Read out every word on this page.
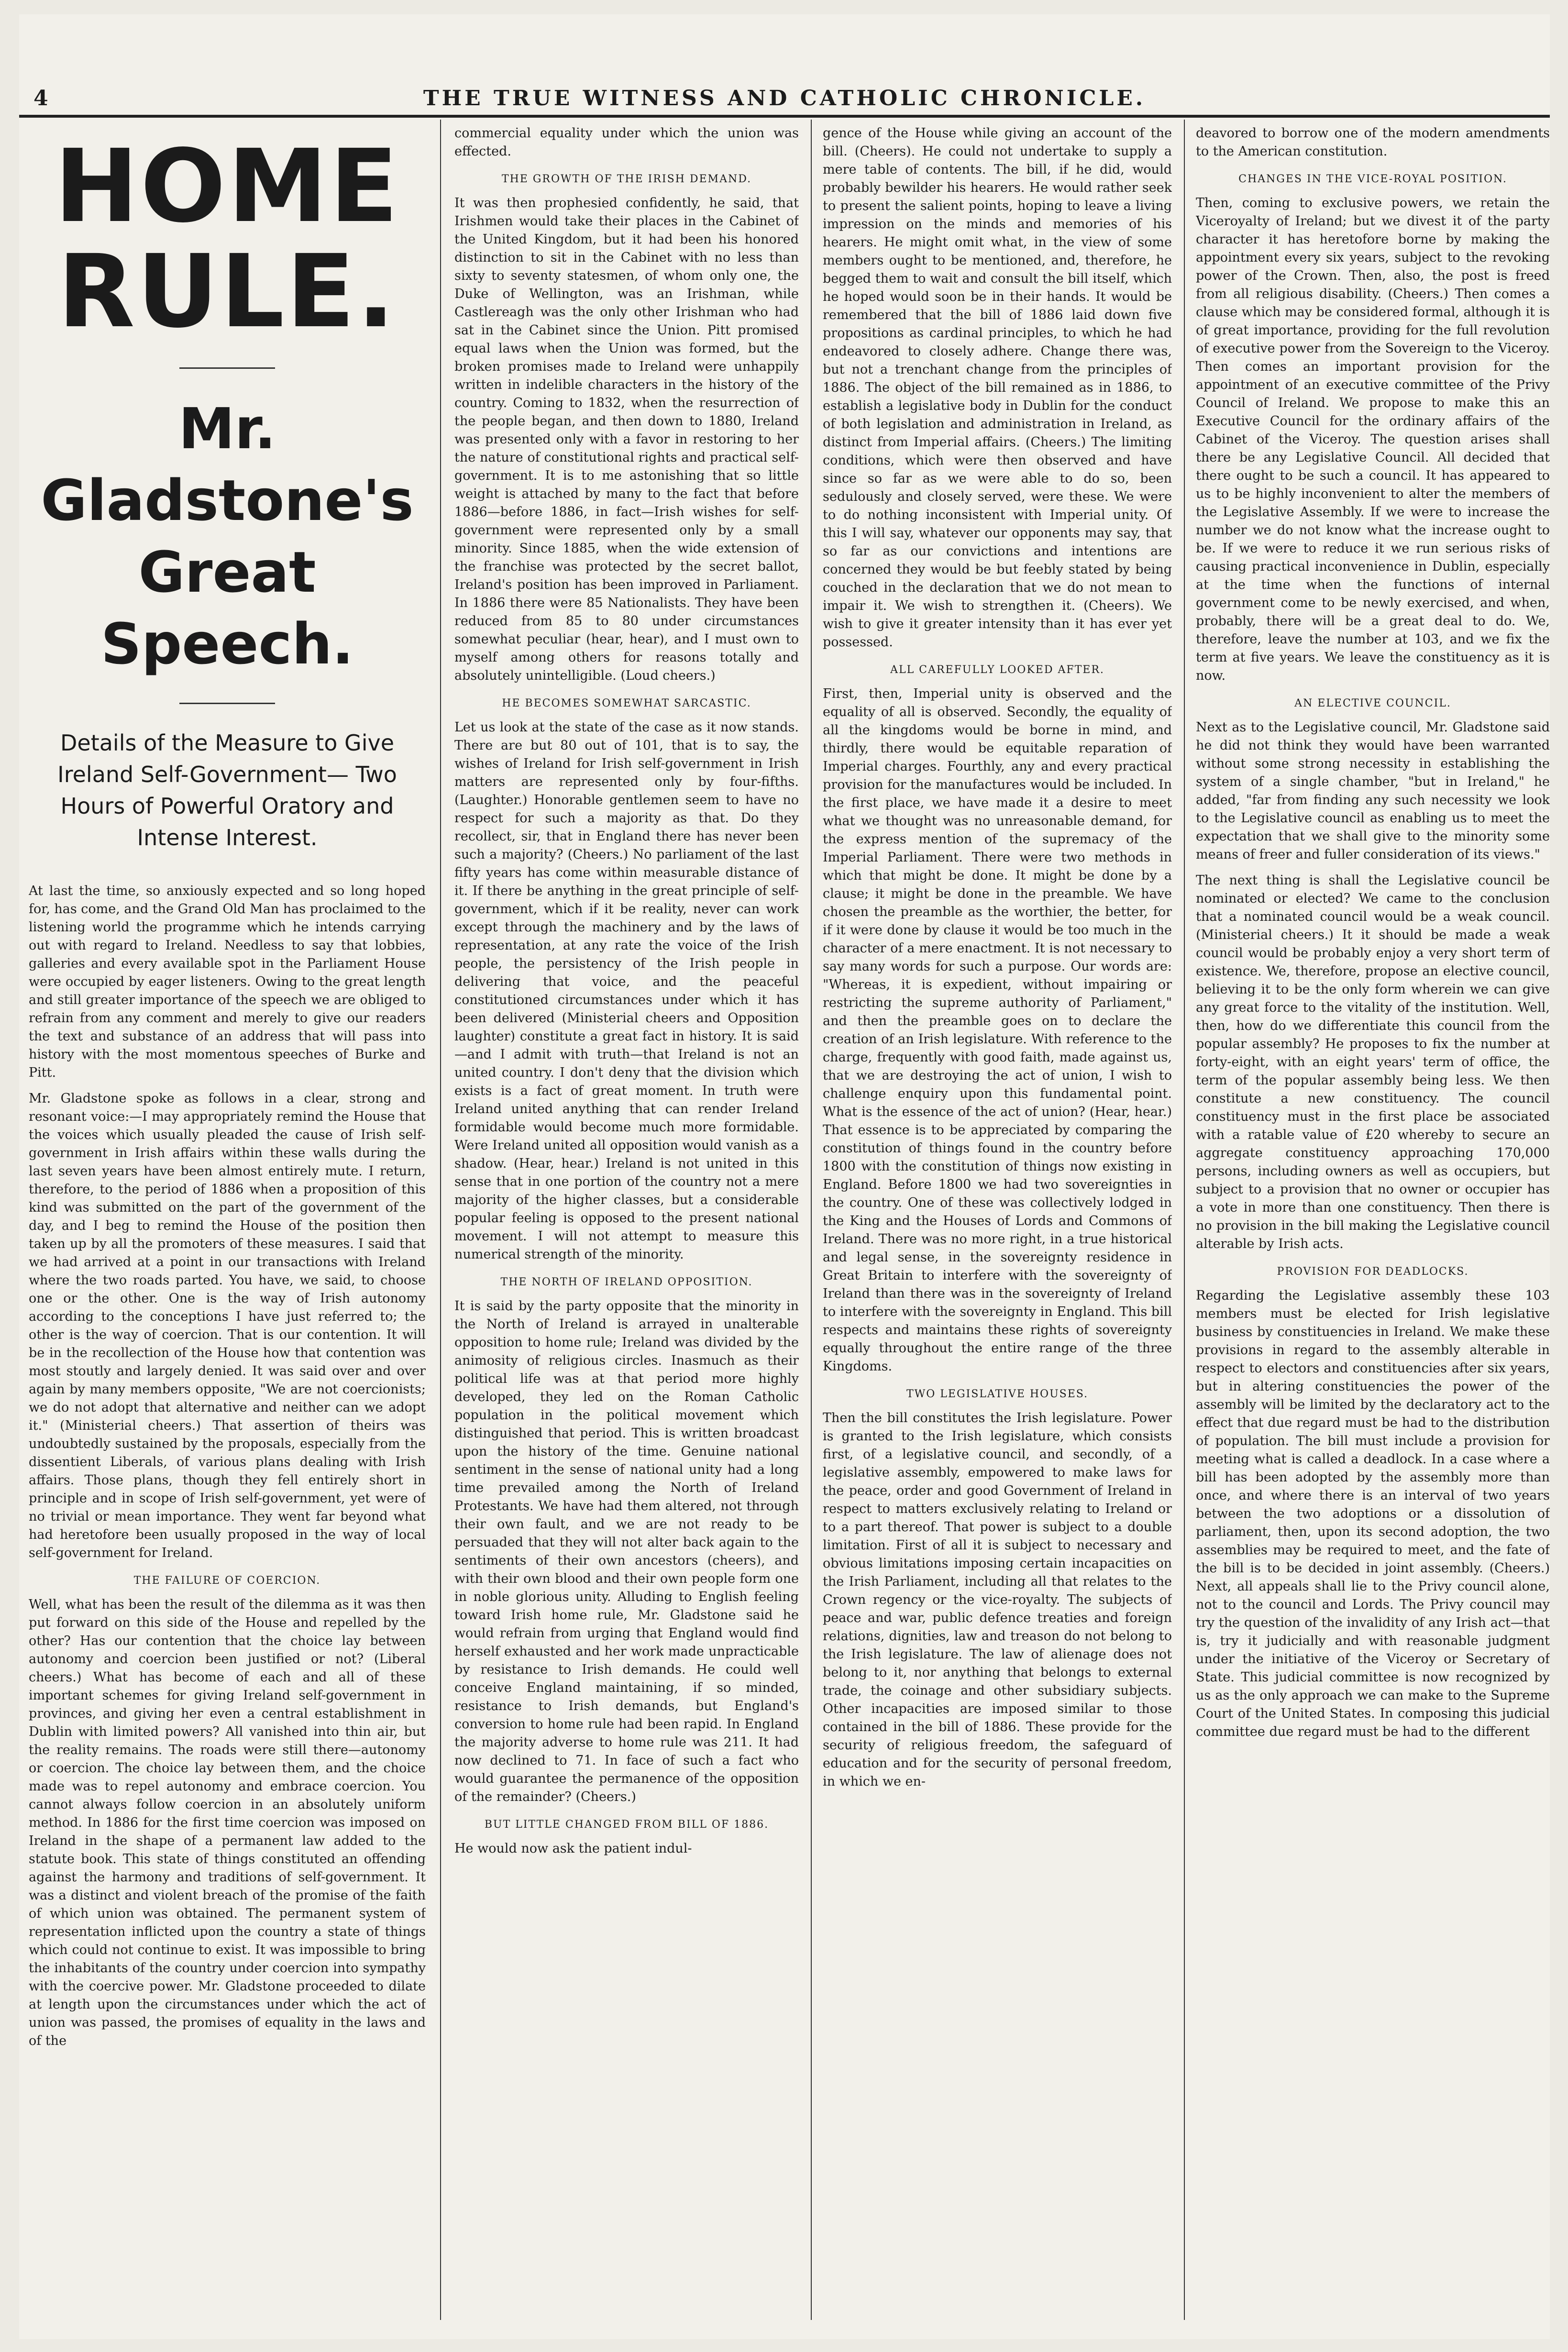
4	THE TRUE WITNESS AND CATHOLIC CHRONICLE.
HOME RULE.
Mr. Gladstone's Great Speech.
Details of the Measure to Give Ireland Self-Government— Two Hours of Powerful Oratory and Intense Interest.

At last the time, so anxiously expected and so long hoped for, has come, and the Grand Old Man has proclaimed to the listening world the programme which he intends carrying out with regard to Ireland. Needless to say that lobbies, galleries and every available spot in the Parliament House were occupied by eager listeners. Owing to the great length and still greater importance of the speech we are obliged to refrain from any comment and merely to give our readers the text and substance of an address that will pass into history with the most momentous speeches of Burke and Pitt.

Mr. Gladstone spoke as follows in a clear, strong and resonant voice:—I may appropriately remind the House that the voices which usually pleaded the cause of Irish self-government in Irish affairs within these walls during the last seven years have been almost entirely mute. I return, therefore, to the period of 1886 when a proposition of this kind was submitted on the part of the government of the day, and I beg to remind the House of the position then taken up by all the promoters of these measures. I said that we had arrived at a point in our transactions with Ireland where the two roads parted. You have, we said, to choose one or the other. One is the way of Irish autonomy according to the conceptions I have just referred to; the other is the way of coercion. That is our contention. It will be in the recollection of the House how that contention was most stoutly and largely denied. It was said over and over again by many members opposite, "We are not coercionists; we do not adopt that alternative and neither can we adopt it." (Ministerial cheers.) That assertion of theirs was undoubtedly sustained by the proposals, especially from the dissentient Liberals, of various plans dealing with Irish affairs. Those plans, though they fell entirely short in principle and in scope of Irish self-government, yet were of no trivial or mean importance. They went far beyond what had heretofore been usually proposed in the way of local self-government for Ireland.

THE FAILURE OF COERCION.

Well, what has been the result of the dilemma as it was then put forward on this side of the House and repelled by the other? Has our contention that the choice lay between autonomy and coercion been justified or not? (Liberal cheers.) What has become of each and all of these important schemes for giving Ireland self-government in provinces, and giving her even a central establishment in Dublin with limited powers? All vanished into thin air, but the reality remains. The roads were still there—autonomy or coercion. The choice lay between them, and the choice made was to repel autonomy and embrace coercion. You cannot always follow coercion in an absolutely uniform method. In 1886 for the first time coercion was imposed on Ireland in the shape of a permanent law added to the statute book. This state of things constituted an offending against the harmony and traditions of self-government. It was a distinct and violent breach of the promise of the faith of which union was obtained. The permanent system of representation inflicted upon the country a state of things which could not continue to exist. It was impossible to bring the inhabitants of the country under coercion into sympathy with the coercive power. Mr. Gladstone proceeded to dilate at length upon the circumstances under which the act of union was passed, the promises of equality in the laws and of the

commercial equality under which the union was effected.

THE GROWTH OF THE IRISH DEMAND.

It was then prophesied confidently, he said, that Irishmen would take their places in the Cabinet of the United Kingdom, but it had been his honored distinction to sit in the Cabinet with no less than sixty to seventy statesmen, of whom only one, the Duke of Wellington, was an Irishman, while Castlereagh was the only other Irishman who had sat in the Cabinet since the Union. Pitt promised equal laws when the Union was formed, but the broken promises made to Ireland were unhappily written in indelible characters in the history of the country. Coming to 1832, when the resurrection of the people began, and then down to 1880, Ireland was presented only with a favor in restoring to her the nature of constitutional rights and practical self-government. It is to me astonishing that so little weight is attached by many to the fact that before 1886—before 1886, in fact—Irish wishes for self-government were represented only by a small minority. Since 1885, when the wide extension of the franchise was protected by the secret ballot, Ireland's position has been improved in Parliament. In 1886 there were 85 Nationalists. They have been reduced from 85 to 80 under circumstances somewhat peculiar (hear, hear), and I must own to myself among others for reasons totally and absolutely unintelligible. (Loud cheers.)

HE BECOMES SOMEWHAT SARCASTIC.

Let us look at the state of the case as it now stands. There are but 80 out of 101, that is to say, the wishes of Ireland for Irish self-government in Irish matters are represented only by four-fifths. (Laughter.) Honorable gentlemen seem to have no respect for such a majority as that. Do they recollect, sir, that in England there has never been such a majority? (Cheers.) No parliament of the last fifty years has come within measurable distance of it. If there be anything in the great principle of self-government, which if it be reality, never can work except through the machinery and by the laws of representation, at any rate the voice of the Irish people, the persistency of the Irish people in delivering that voice, and the peaceful constitutioned circumstances under which it has been delivered (Ministerial cheers and Opposition laughter) constitute a great fact in history. It is said—and I admit with truth—that Ireland is not an united country. I don't deny that the division which exists is a fact of great moment. In truth were Ireland united anything that can render Ireland formidable would become much more formidable. Were Ireland united all opposition would vanish as a shadow. (Hear, hear.) Ireland is not united in this sense that in one portion of the country not a mere majority of the higher classes, but a considerable popular feeling is opposed to the present national movement. I will not attempt to measure this numerical strength of the minority.

THE NORTH OF IRELAND OPPOSITION.

It is said by the party opposite that the minority in the North of Ireland is arrayed in unalterable opposition to home rule; Ireland was divided by the animosity of religious circles. Inasmuch as their political life was at that period more highly developed, they led on the Roman Catholic population in the political movement which distinguished that period. This is written broadcast upon the history of the time. Genuine national sentiment in the sense of national unity had a long time prevailed among the North of Ireland Protestants. We have had them altered, not through their own fault, and we are not ready to be persuaded that they will not alter back again to the sentiments of their own ancestors (cheers), and with their own blood and their own people form one in noble glorious unity. Alluding to English feeling toward Irish home rule, Mr. Gladstone said he would refrain from urging that England would find herself exhausted and her work made unpracticable by resistance to Irish demands. He could well conceive England maintaining, if so minded, resistance to Irish demands, but England's conversion to home rule had been rapid. In England the majority adverse to home rule was 211. It had now declined to 71. In face of such a fact who would guarantee the permanence of the opposition of the remainder? (Cheers.)

BUT LITTLE CHANGED FROM BILL OF 1886.

He would now ask the patient indul-

gence of the House while giving an account of the bill. (Cheers). He could not undertake to supply a mere table of contents. The bill, if he did, would probably bewilder his hearers. He would rather seek to present the salient points, hoping to leave a living impression on the minds and memories of his hearers. He might omit what, in the view of some members ought to be mentioned, and, therefore, he begged them to wait and consult the bill itself, which he hoped would soon be in their hands. It would be remembered that the bill of 1886 laid down five propositions as cardinal principles, to which he had endeavored to closely adhere. Change there was, but not a trenchant change from the principles of 1886. The object of the bill remained as in 1886, to establish a legislative body in Dublin for the conduct of both legislation and administration in Ireland, as distinct from Imperial affairs. (Cheers.) The limiting conditions, which were then observed and have since so far as we were able to do so, been sedulously and closely served, were these. We were to do nothing inconsistent with Imperial unity. Of this I will say, whatever our opponents may say, that so far as our convictions and intentions are concerned they would be but feebly stated by being couched in the declaration that we do not mean to impair it. We wish to strengthen it. (Cheers). We wish to give it greater intensity than it has ever yet possessed.

ALL CAREFULLY LOOKED AFTER.

First, then, Imperial unity is observed and the equality of all is observed. Secondly, the equality of all the kingdoms would be borne in mind, and thirdly, there would be equitable reparation of Imperial charges. Fourthly, any and every practical provision for the manufactures would be included. In the first place, we have made it a desire to meet what we thought was no unreasonable demand, for the express mention of the supremacy of the Imperial Parliament. There were two methods in which that might be done. It might be done by a clause; it might be done in the preamble. We have chosen the preamble as the worthier, the better, for if it were done by clause it would be too much in the character of a mere enactment. It is not necessary to say many words for such a purpose. Our words are: "Whereas, it is expedient, without impairing or restricting the supreme authority of Parliament," and then the preamble goes on to declare the creation of an Irish legislature. With reference to the charge, frequently with good faith, made against us, that we are destroying the act of union, I wish to challenge enquiry upon this fundamental point. What is the essence of the act of union? (Hear, hear.) That essence is to be appreciated by comparing the constitution of things found in the country before 1800 with the constitution of things now existing in England. Before 1800 we had two sovereignties in the country. One of these was collectively lodged in the King and the Houses of Lords and Commons of Ireland. There was no more right, in a true historical and legal sense, in the sovereignty residence in Great Britain to interfere with the sovereignty of Ireland than there was in the sovereignty of Ireland to interfere with the sovereignty in England. This bill respects and maintains these rights of sovereignty equally throughout the entire range of the three Kingdoms.

TWO LEGISLATIVE HOUSES.

Then the bill constitutes the Irish legislature. Power is granted to the Irish legislature, which consists first, of a legislative council, and secondly, of a legislative assembly, empowered to make laws for the peace, order and good Government of Ireland in respect to matters exclusively relating to Ireland or to a part thereof. That power is subject to a double limitation. First of all it is subject to necessary and obvious limitations imposing certain incapacities on the Irish Parliament, including all that relates to the Crown regency or the vice-royalty. The subjects of peace and war, public defence treaties and foreign relations, dignities, law and treason do not belong to the Irish legislature. The law of alienage does not belong to it, nor anything that belongs to external trade, the coinage and other subsidiary subjects. Other incapacities are imposed similar to those contained in the bill of 1886. These provide for the security of religious freedom, the safeguard of education and for the security of personal freedom, in which we en-

deavored to borrow one of the modern amendments to the American constitution.

CHANGES IN THE VICE-ROYAL POSITION.

Then, coming to exclusive powers, we retain the Viceroyalty of Ireland; but we divest it of the party character it has heretofore borne by making the appointment every six years, subject to the revoking power of the Crown. Then, also, the post is freed from all religious disability. (Cheers.) Then comes a clause which may be considered formal, although it is of great importance, providing for the full revolution of executive power from the Sovereign to the Viceroy. Then comes an important provision for the appointment of an executive committee of the Privy Council of Ireland. We propose to make this an Executive Council for the ordinary affairs of the Cabinet of the Viceroy. The question arises shall there be any Legislative Council. All decided that there ought to be such a council. It has appeared to us to be highly inconvenient to alter the members of the Legislative Assembly. If we were to increase the number we do not know what the increase ought to be. If we were to reduce it we run serious risks of causing practical inconvenience in Dublin, especially at the time when the functions of internal government come to be newly exercised, and when, probably, there will be a great deal to do. We, therefore, leave the number at 103, and we fix the term at five years. We leave the constituency as it is now.

AN ELECTIVE COUNCIL.

Next as to the Legislative council, Mr. Gladstone said he did not think they would have been warranted without some strong necessity in establishing the system of a single chamber, "but in Ireland," he added, "far from finding any such necessity we look to the Legislative council as enabling us to meet the expectation that we shall give to the minority some means of freer and fuller consideration of its views."

The next thing is shall the Legislative council be nominated or elected? We came to the conclusion that a nominated council would be a weak council. (Ministerial cheers.) It it should be made a weak council would be probably enjoy a very short term of existence. We, therefore, propose an elective council, believing it to be the only form wherein we can give any great force to the vitality of the institution. Well, then, how do we differentiate this council from the popular assembly? He proposes to fix the number at forty-eight, with an eight years' term of office, the term of the popular assembly being less. We then constitute a new constituency. The council constituency must in the first place be associated with a ratable value of £20 whereby to secure an aggregate constituency approaching 170,000 persons, including owners as well as occupiers, but subject to a provision that no owner or occupier has a vote in more than one constituency. Then there is no provision in the bill making the Legislative council alterable by Irish acts.

PROVISION FOR DEADLOCKS.

Regarding the Legislative assembly these 103 members must be elected for Irish legislative business by constituencies in Ireland. We make these provisions in regard to the assembly alterable in respect to electors and constituencies after six years, but in altering constituencies the power of the assembly will be limited by the declaratory act to the effect that due regard must be had to the distribution of population. The bill must include a provision for meeting what is called a deadlock. In a case where a bill has been adopted by the assembly more than once, and where there is an interval of two years between the two adoptions or a dissolution of parliament, then, upon its second adoption, the two assemblies may be required to meet, and the fate of the bill is to be decided in joint assembly. (Cheers.) Next, all appeals shall lie to the Privy council alone, not to the council and Lords. The Privy council may try the question of the invalidity of any Irish act—that is, try it judicially and with reasonable judgment under the initiative of the Viceroy or Secretary of State. This judicial committee is now recognized by us as the only approach we can make to the Supreme Court of the United States. In composing this judicial committee due regard must be had to the different
